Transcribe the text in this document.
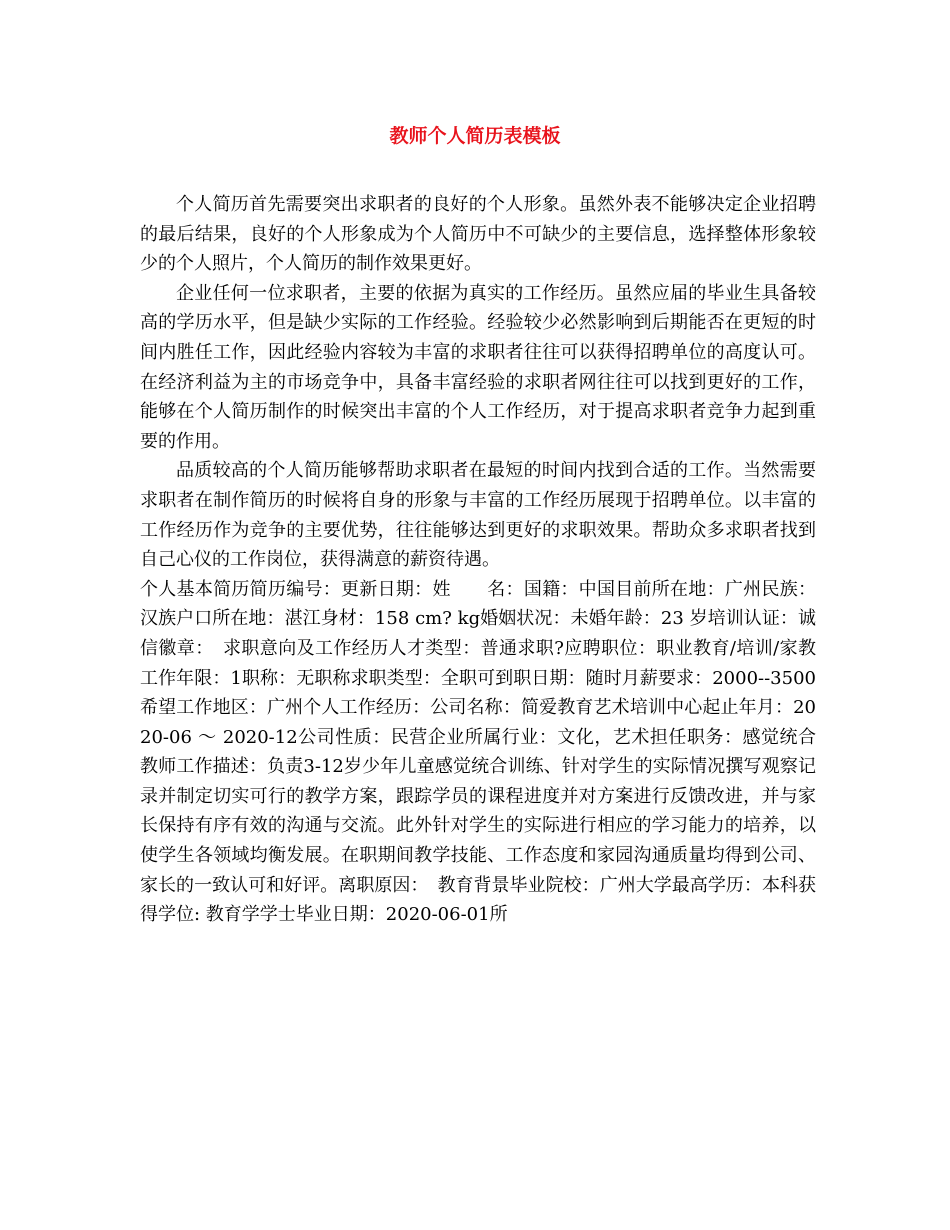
教师个人简历表模板

个人简历首先需要突出求职者的良好的个人形象。虽然外表不能够决定企业招聘的最后结果，良好的个人形象成为个人简历中不可缺少的主要信息，选择整体形象较少的个人照片，个人简历的制作效果更好。

企业任何一位求职者，主要的依据为真实的工作经历。虽然应届的毕业生具备较高的学历水平，但是缺少实际的工作经验。经验较少必然影响到后期能否在更短的时间内胜任工作，因此经验内容较为丰富的求职者往往可以获得招聘单位的高度认可。在经济利益为主的市场竞争中，具备丰富经验的求职者网往往可以找到更好的工作，能够在个人简历制作的时候突出丰富的个人工作经历，对于提高求职者竞争力起到重要的作用。

品质较高的个人简历能够帮助求职者在最短的时间内找到合适的工作。当然需要求职者在制作简历的时候将自身的形象与丰富的工作经历展现于招聘单位。以丰富的工作经历作为竞争的主要优势，往往能够达到更好的求职效果。帮助众多求职者找到自己心仪的工作岗位，获得满意的薪资待遇。

个人基本简历简历编号：更新日期：姓　　名：国籍：中国目前所在地：广州民族：汉族户口所在地：湛江身材：158 cm? kg婚姻状况：未婚年龄：23 岁培训认证：诚信徽章：　求职意向及工作经历人才类型：普通求职?应聘职位：职业教育/培训/家教工作年限：1职称：无职称求职类型：全职可到职日期：随时月薪要求：2000--3500希望工作地区：广州个人工作经历：公司名称：简爱教育艺术培训中心起止年月：2020-06 ～ 2020-12公司性质：民营企业所属行业：文化，艺术担任职务：感觉统合教师工作描述：负责3-12岁少年儿童感觉统合训练、针对学生的实际情况撰写观察记录并制定切实可行的教学方案，跟踪学员的课程进度并对方案进行反馈改进，并与家长保持有序有效的沟通与交流。此外针对学生的实际进行相应的学习能力的培养，以使学生各领域均衡发展。在职期间教学技能、工作态度和家园沟通质量均得到公司、家长的一致认可和好评。离职原因：　教育背景毕业院校：广州大学最高学历：本科获得学位: 教育学学士毕业日期：2020-06-01所
